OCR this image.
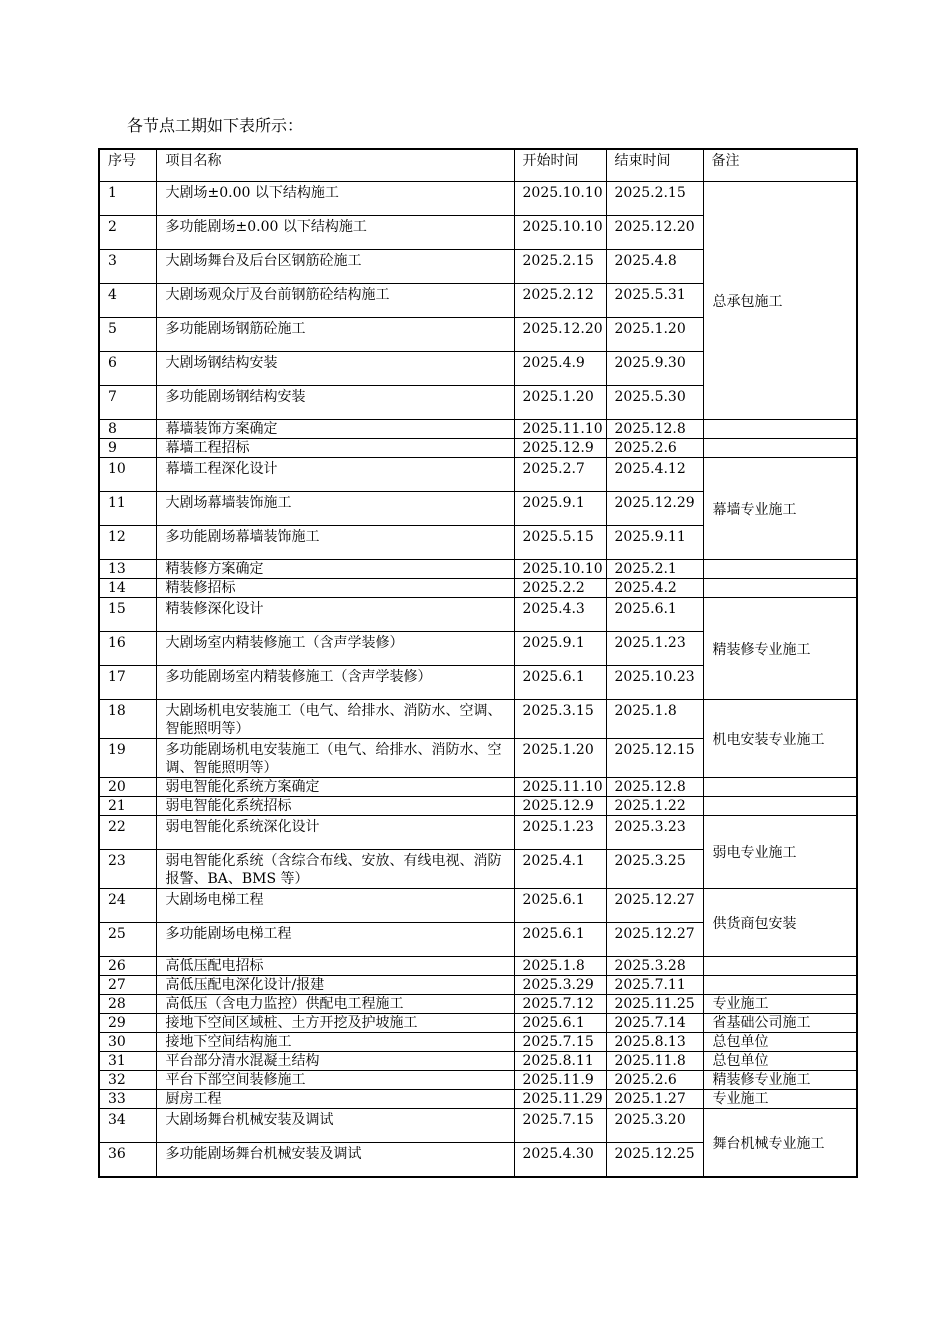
各节点工期如下表所示：
序号	项目名称	开始时间	结束时间	备注
1	大剧场±0.00 以下结构施工	2025.10.10	2025.2.15	总承包施工
2	多功能剧场±0.00 以下结构施工	2025.10.10	2025.12.20	
3	大剧场舞台及后台区钢筋砼施工	2025.2.15	2025.4.8	
4	大剧场观众厅及台前钢筋砼结构施工	2025.2.12	2025.5.31	
5	多功能剧场钢筋砼施工	2025.12.20	2025.1.20	
6	大剧场钢结构安装	2025.4.9	2025.9.30	
7	多功能剧场钢结构安装	2025.1.20	2025.5.30	
8	幕墙装饰方案确定	2025.11.10	2025.12.8	
9	幕墙工程招标	2025.12.9	2025.2.6	
10	幕墙工程深化设计	2025.2.7	2025.4.12	幕墙专业施工
11	大剧场幕墙装饰施工	2025.9.1	2025.12.29	
12	多功能剧场幕墙装饰施工	2025.5.15	2025.9.11	
13	精装修方案确定	2025.10.10	2025.2.1	
14	精装修招标	2025.2.2	2025.4.2	
15	精装修深化设计	2025.4.3	2025.6.1	精装修专业施工
16	大剧场室内精装修施工（含声学装修）	2025.9.1	2025.1.23	
17	多功能剧场室内精装修施工（含声学装修）	2025.6.1	2025.10.23	
18	大剧场机电安装施工（电气、给排水、消防水、空调、智能照明等）	2025.3.15	2025.1.8	机电安装专业施工
19	多功能剧场机电安装施工（电气、给排水、消防水、空调、智能照明等）	2025.1.20	2025.12.15	
20	弱电智能化系统方案确定	2025.11.10	2025.12.8	
21	弱电智能化系统招标	2025.12.9	2025.1.22	
22	弱电智能化系统深化设计	2025.1.23	2025.3.23	弱电专业施工
23	弱电智能化系统（含综合布线、安放、有线电视、消防报警、BA、BMS 等）	2025.4.1	2025.3.25	
24	大剧场电梯工程	2025.6.1	2025.12.27	供货商包安装
25	多功能剧场电梯工程	2025.6.1	2025.12.27	
26	高低压配电招标	2025.1.8	2025.3.28	
27	高低压配电深化设计/报建	2025.3.29	2025.7.11	
28	高低压（含电力监控）供配电工程施工	2025.7.12	2025.11.25	专业施工
29	接地下空间区域桩、土方开挖及护坡施工	2025.6.1	2025.7.14	省基础公司施工
30	接地下空间结构施工	2025.7.15	2025.8.13	总包单位
31	平台部分清水混凝土结构	2025.8.11	2025.11.8	总包单位
32	平台下部空间装修施工	2025.11.9	2025.2.6	精装修专业施工
33	厨房工程	2025.11.29	2025.1.27	专业施工
34	大剧场舞台机械安装及调试	2025.7.15	2025.3.20	舞台机械专业施工
36	多功能剧场舞台机械安装及调试	2025.4.30	2025.12.25	
